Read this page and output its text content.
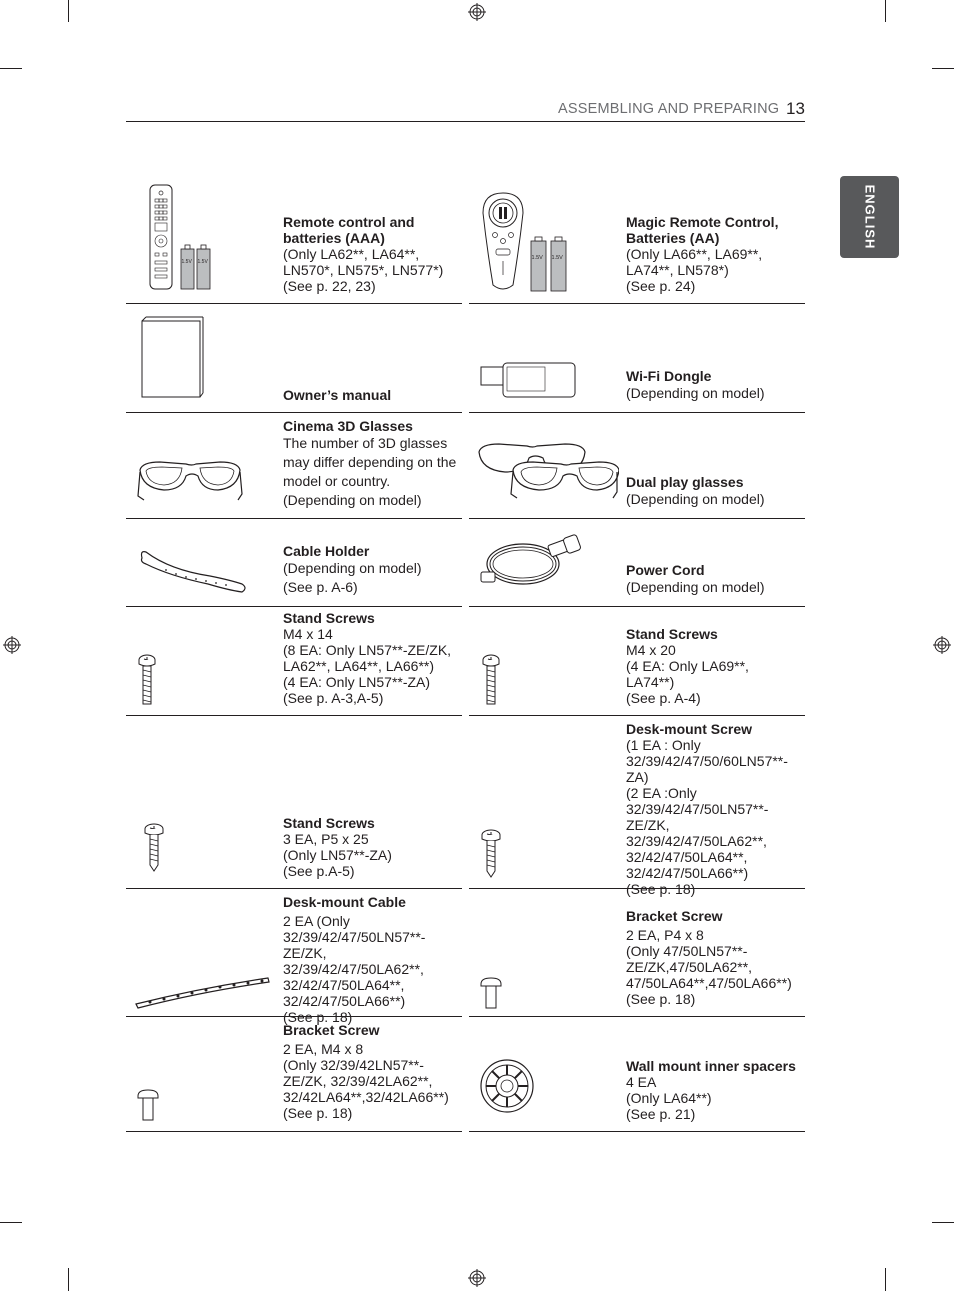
ASSEMBLING AND PREPARING 13
ENGLISH
1.5V 1.5V
Remote control and batteries (AAA)
(Only LA62**, LA64**, LN570*, LN575*, LN577*)
(See p. 22, 23)
Owner’s manual
Cinema 3D Glasses
The number of 3D glasses may differ depending on the model or country.
(Depending on model)
Cable Holder
(Depending on model)
(See p. A-6)
Stand Screws
M4 x 14
(8 EA: Only LN57**-ZE/ZK, LA62**, LA64**, LA66**)
(4 EA: Only LN57**-ZA)
(See p. A-3,A-5)
Stand Screws
3 EA, P5 x 25
(Only LN57**-ZA)
(See p.A-5)
Desk-mount Cable
2 EA (Only 32/39/42/47/50LN57**-ZE/ZK, 32/39/42/47/50LA62**, 32/42/47/50LA64**, 32/42/47/50LA66**)
(See p. 18)
Bracket Screw
2 EA, M4 x 8
(Only 32/39/42LN57**-ZE/ZK, 32/39/42LA62**, 32/42LA64**,32/42LA66**)
(See p. 18)
1.5V 1.5V
Magic Remote Control, Batteries (AA)
(Only LA66**, LA69**, LA74**, LN578*)
(See p. 24)
Wi-Fi Dongle
(Depending on model)
Dual play glasses
(Depending on model)
Power Cord
(Depending on model)
Stand Screws
M4 x 20
(4 EA: Only LA69**, LA74**)
(See p. A-4)
Desk-mount Screw
(1 EA : Only 32/39/42/47/50/60LN57**-ZA)
(2 EA :Only 32/39/42/47/50LN57**-ZE/ZK, 32/39/42/47/50LA62**, 32/42/47/50LA64**, 32/42/47/50LA66**)
(See p. 18)
Bracket Screw
2 EA, P4 x 8
(Only 47/50LN57**-ZE/ZK,47/50LA62**, 47/50LA64**,47/50LA66**)
(See p. 18)
Wall mount inner spacers
4 EA
(Only LA64**)
(See p. 21)
